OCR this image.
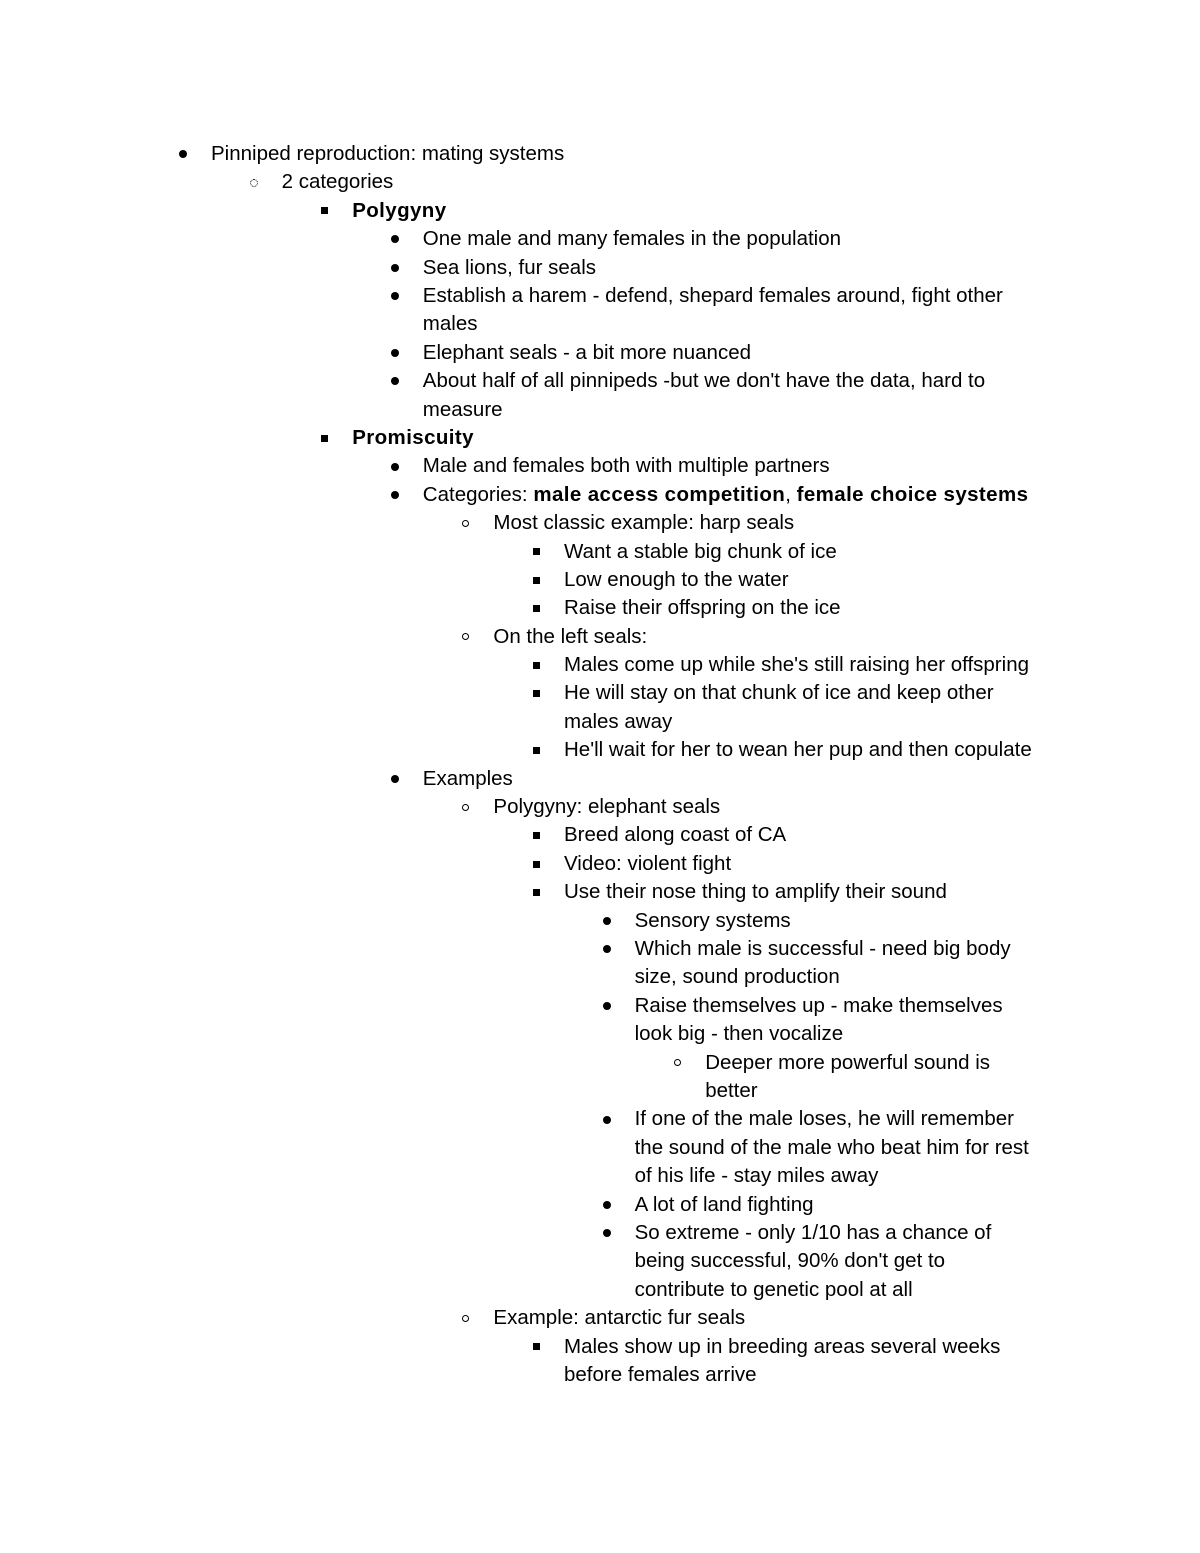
Pinniped reproduction: mating systems
2 categories
Polygyny
One male and many females in the population
Sea lions, fur seals
Establish a harem - defend, shepard females around, fight other
males
Elephant seals - a bit more nuanced
About half of all pinnipeds -but we don't have the data, hard to
measure
Promiscuity
Male and females both with multiple partners
Categories: male access competition, female choice systems
Most classic example: harp seals
Want a stable big chunk of ice
Low enough to the water
Raise their offspring on the ice
On the left seals:
Males come up while she's still raising her offspring
He will stay on that chunk of ice and keep other
males away
He'll wait for her to wean her pup and then copulate
Examples
Polygyny: elephant seals
Breed along coast of CA
Video: violent fight
Use their nose thing to amplify their sound
Sensory systems
Which male is successful - need big body
size, sound production
Raise themselves up - make themselves
look big - then vocalize
Deeper more powerful sound is
better
If one of the male loses, he will remember
the sound of the male who beat him for rest
of his life - stay miles away
A lot of land fighting
So extreme - only 1/10 has a chance of
being successful, 90% don't get to
contribute to genetic pool at all
Example: antarctic fur seals
Males show up in breeding areas several weeks
before females arrive
